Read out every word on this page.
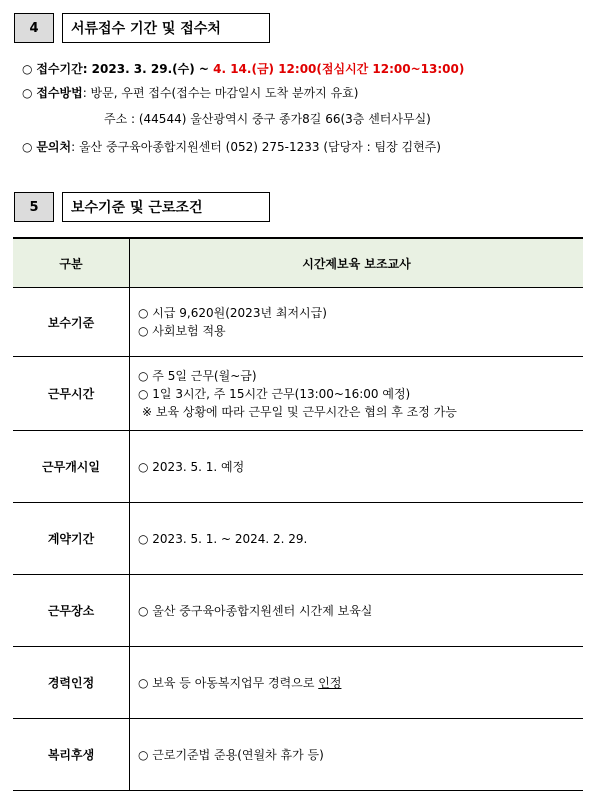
4	서류접수 기간 및 접수처
○ 접수기간: 2023. 3. 29.(수) ~ 4. 14.(금) 12:00(점심시간 12:00~13:00)
○ 접수방법: 방문, 우편 접수(접수는 마감일시 도착 분까지 유효)
주소 : (44544) 울산광역시 중구 종가8길 66(3층 센터사무실)
○ 문의처: 울산 중구육아종합지원센터 (052) 275-1233 (담당자 : 팀장 김현주)
5	보수기준 및 근로조건
구분	시간제보육 보조교사
보수기준	○ 시급 9,620원(2023년 최저시급)
○ 사회보험 적용

근무시간	○ 주 5일 근무(월~금)
○ 1일 3시간, 주 15시간 근무(13:00~16:00 예정)
※ 보육 상황에 따라 근무일 및 근무시간은 협의 후 조정 가능

근무개시일	○ 2023. 5. 1. 예정

계약기간	○ 2023. 5. 1. ~ 2024. 2. 29.

근무장소	○ 울산 중구육아종합지원센터 시간제 보육실

경력인정	○ 보육 등 아동복지업무 경력으로 인정

복리후생	○ 근로기준법 준용(연월차 휴가 등)
